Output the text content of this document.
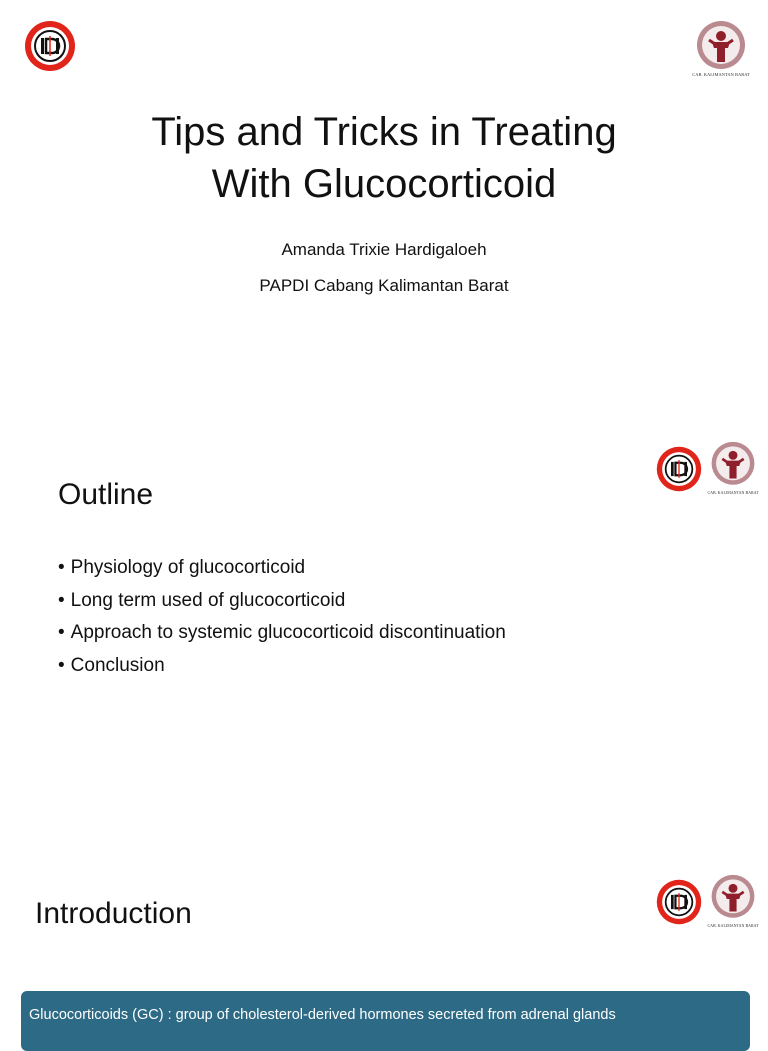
CAB. KALIMANTAN BARAT
Tips and Tricks in Treating
With Glucocorticoid
Amanda Trixie Hardigaloeh
PAPDI Cabang Kalimantan Barat
CAB. KALIMANTAN BARAT
Outline
• Physiology of glucocorticoid
• Long term used of glucocorticoid
• Approach to systemic glucocorticoid discontinuation
• Conclusion
CAB. KALIMANTAN BARAT
Introduction
Glucocorticoids (GC) : group of cholesterol-derived hormones secreted from adrenal glands
